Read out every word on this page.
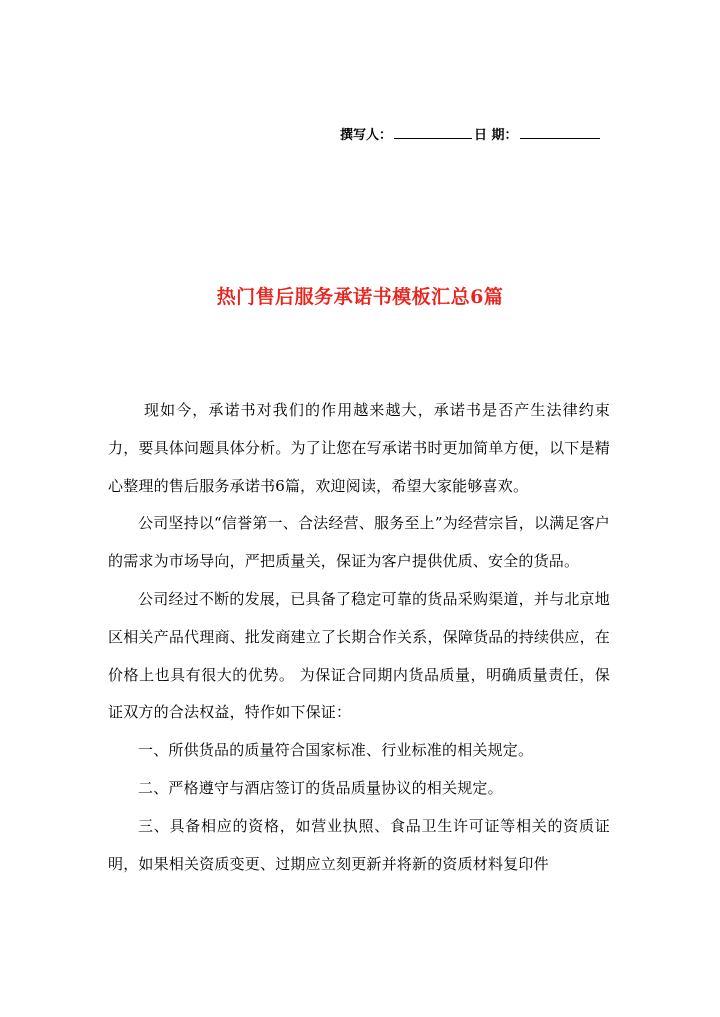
撰写人：	日 期：
热门售后服务承诺书模板汇总6篇

现如今，承诺书对我们的作用越来越大，承诺书是否产生法律约束力，要具体问题具体分析。为了让您在写承诺书时更加简单方便，以下是精心整理的售后服务承诺书6篇，欢迎阅读，希望大家能够喜欢。

公司坚持以“信誉第一、合法经营、服务至上”为经营宗旨，以满足客户的需求为市场导向，严把质量关，保证为客户提供优质、安全的货品。

公司经过不断的发展，已具备了稳定可靠的货品采购渠道，并与北京地区相关产品代理商、批发商建立了长期合作关系，保障货品的持续供应，在价格上也具有很大的优势。 为保证合同期内货品质量，明确质量责任，保证双方的合法权益，特作如下保证：

一、所供货品的质量符合国家标准、行业标准的相关规定。

二、严格遵守与酒店签订的货品质量协议的相关规定。

三、具备相应的资格，如营业执照、食品卫生许可证等相关的资质证明，如果相关资质变更、过期应立刻更新并将新的资质材料复印件
